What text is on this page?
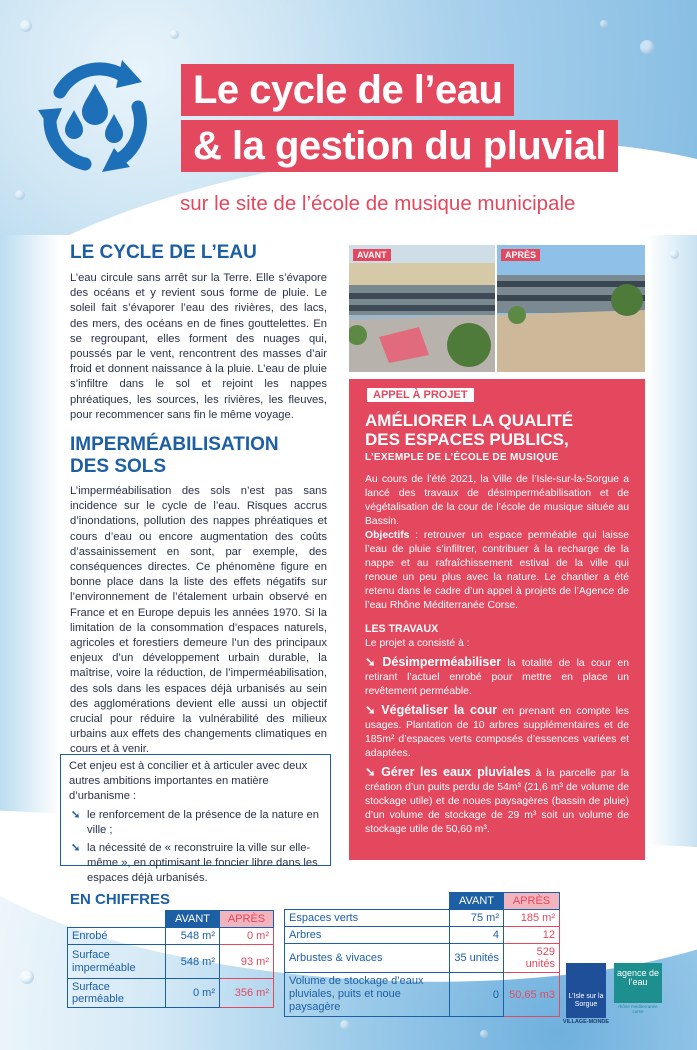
Le cycle de l’eau
& la gestion du pluvial
sur le site de l’école de musique municipale
LE CYCLE DE L’EAU

L’eau circule sans arrêt sur la Terre. Elle s’évapore des océans et y revient sous forme de pluie. Le soleil fait s’évaporer l’eau des rivières, des lacs, des mers, des océans en de fines gouttelettes. En se regroupant, elles forment des nuages qui, poussés par le vent, rencontrent des masses d’air froid et donnent naissance à la pluie. L’eau de pluie s’infiltre dans le sol et rejoint les nappes phréatiques, les sources, les rivières, les fleuves, pour recommencer sans fin le même voyage.

IMPERMÉABILISATION
DES SOLS

L’imperméabilisation des sols n’est pas sans incidence sur le cycle de l’eau. Risques accrus d’inondations, pollution des nappes phréatiques et cours d’eau ou encore augmentation des coûts d’assainissement en sont, par exemple, des conséquences directes. Ce phénomène figure en bonne place dans la liste des effets négatifs sur l’environnement de l’étalement urbain observé en France et en Europe depuis les années 1970. Si la limitation de la consommation d’espaces naturels, agricoles et forestiers demeure l’un des principaux enjeux d’un développement urbain durable, la maîtrise, voire la réduction, de l’imperméabilisation, des sols dans les espaces déjà urbanisés au sein des agglomérations devient elle aussi un objectif crucial pour réduire la vulnérabilité des milieux urbains aux effets des changements climatiques en cours et à venir.

Cet enjeu est à concilier et à articuler avec deux autres ambitions importantes en matière d’urbanisme :

➘ le renforcement de la présence de la nature en ville ;
➘ la nécessité de « reconstruire la ville sur elle-même », en optimisant le foncier libre dans les espaces déjà urbanisés.
AVANT	APRÈS
APPEL À PROJET
AMÉLIORER LA QUALITÉ
DES ESPACES PUBLICS,
L’EXEMPLE DE L’ÉCOLE DE MUSIQUE

Au cours de l’été 2021, la Ville de l’Isle-sur-la-Sorgue a lancé des travaux de désimperméabilisation et de végétalisation de la cour de l’école de musique située au Bassin.
Objectifs : retrouver un espace perméable qui laisse l’eau de pluie s’infiltrer, contribuer à la recharge de la nappe et au rafraîchissement estival de la ville qui renoue un peu plus avec la nature. Le chantier a été retenu dans le cadre d’un appel à projets de l’Agence de l’eau Rhône Méditerranée Corse.

LES TRAVAUX
Le projet a consisté à :

➘ Désimperméabiliser la totalité de la cour en retirant l’actuel enrobé pour mettre en place un revêtement perméable.

➘ Végétaliser la cour en prenant en compte les usages. Plantation de 10 arbres supplémentaires et de 185m² d’espaces verts composés d’essences variées et adaptées.

➘ Gérer les eaux pluviales à la parcelle par la création d’un puits perdu de 54m³ (21,6 m³ de volume de stockage utile) et de noues paysagères (bassin de pluie) d’un volume de stockage de 29 m³ soit un volume de stockage utile de 50,60 m³.

EN CHIFFRES
	AVANT	APRÈS
Enrobé	548 m²	0 m²
Surface imperméable	548 m²	93 m²
Surface perméable	0 m²	356 m²
	AVANT	APRÈS
Espaces verts	75 m²	185 m²
Arbres	4	12
Arbustes & vivaces	35 unités	529 unités
Volume de stockage d’eaux pluviales, puits et noue paysagère	0	50,65 m3	L’Isle sur la Sorgue
VILLAGE-MONDE
agence de l’eau
rhône méditerranée corse
